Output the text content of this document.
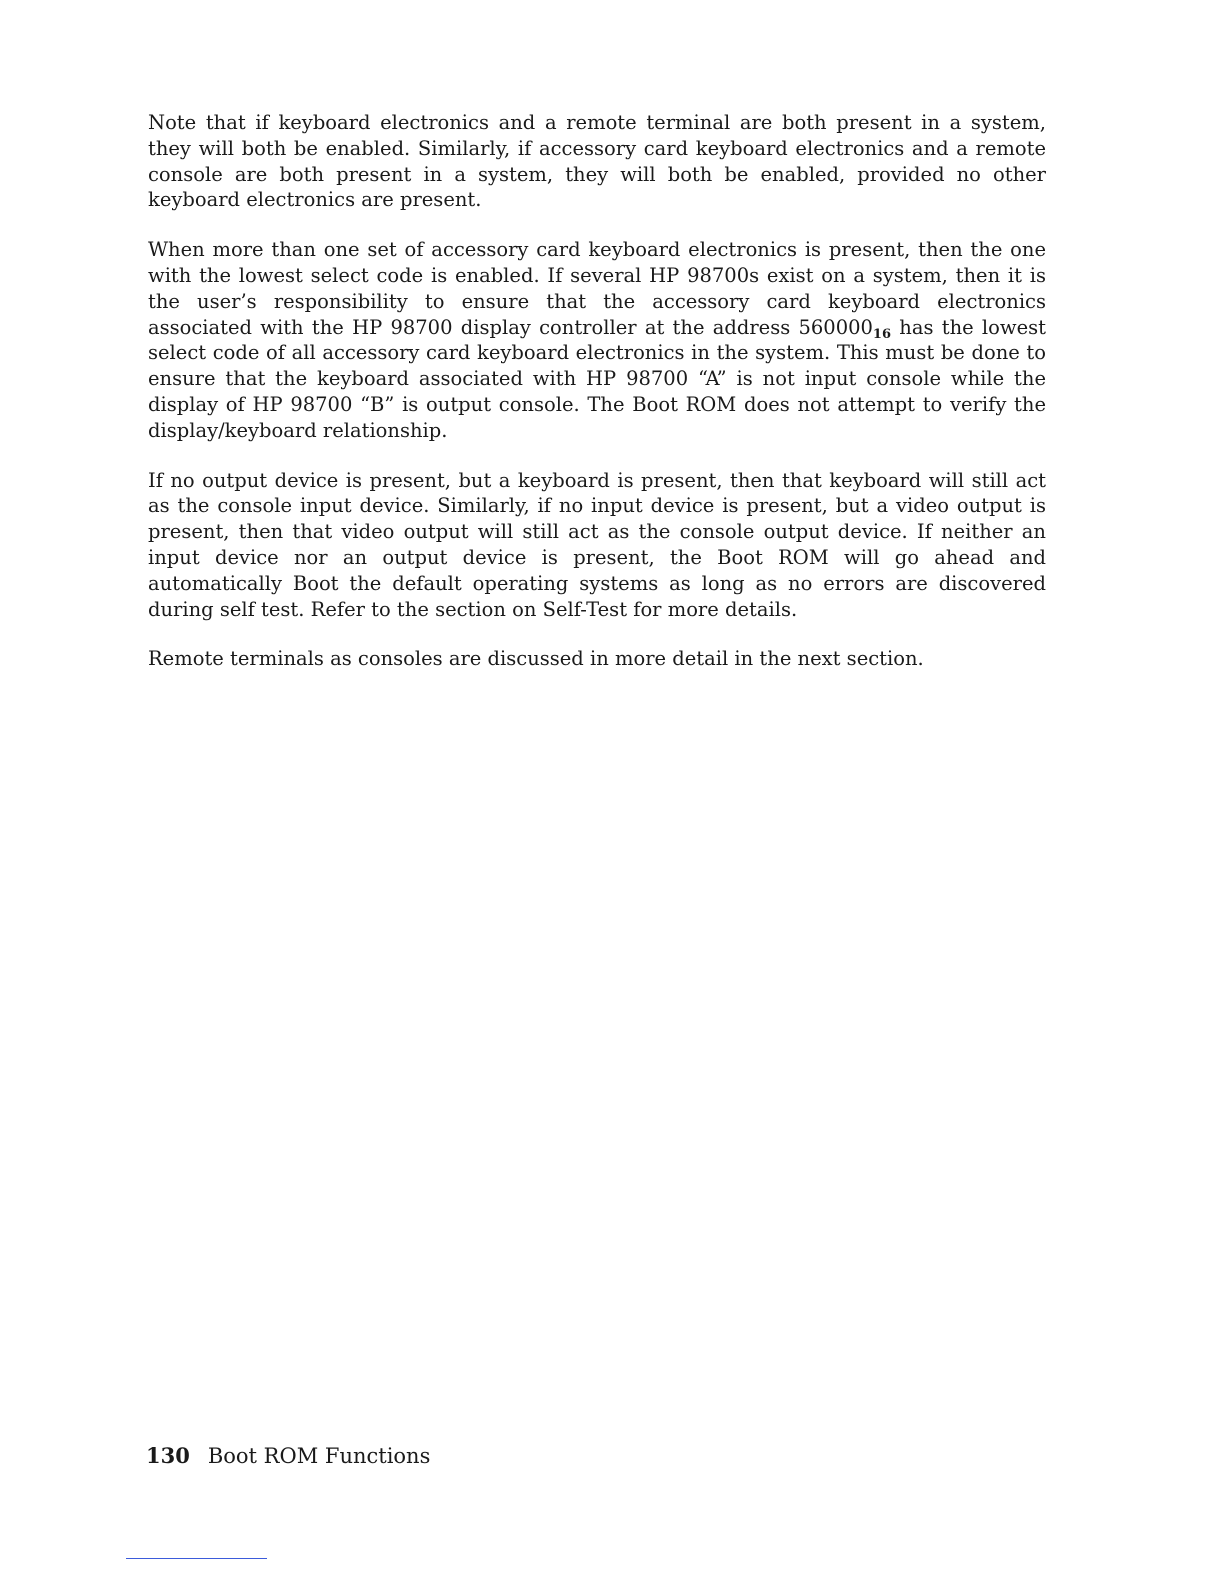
Note that if keyboard electronics and a remote terminal are both present in a system, they will both be enabled. Similarly, if accessory card keyboard electronics and a remote console are both present in a system, they will both be enabled, provided no other keyboard electronics are present.

When more than one set of accessory card keyboard electronics is present, then the one with the lowest select code is enabled. If several HP 98700s exist on a system, then it is the user’s responsibility to ensure that the accessory card keyboard electronics associated with the HP 98700 display controller at the address $560000_{16}$ has the lowest select code of all accessory card keyboard electronics in the system. This must be done to ensure that the keyboard associated with HP 98700 “A” is not input console while the display of HP 98700 “B” is output console. The Boot ROM does not attempt to verify the display/keyboard relationship.

If no output device is present, but a keyboard is present, then that keyboard will still act as the console input device. Similarly, if no input device is present, but a video output is present, then that video output will still act as the console output device. If neither an input device nor an output device is present, the Boot ROM will go ahead and automatically Boot the default operating systems as long as no errors are discovered during self test. Refer to the section on Self-Test for more details.

Remote terminals as consoles are discussed in more detail in the next section.

130 Boot ROM Functions
